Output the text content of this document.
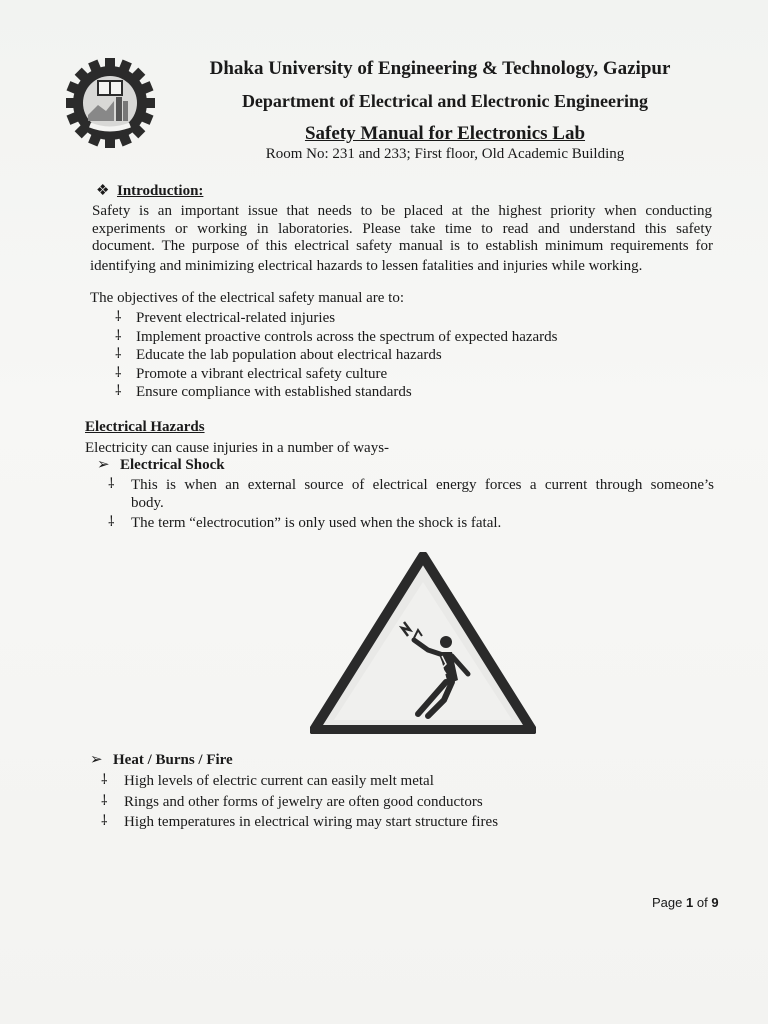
Dhaka University of Engineering & Technology, Gazipur
Department of Electrical and Electronic Engineering
Safety Manual for Electronics Lab
Room No: 231 and 233; First floor, Old Academic Building
❖ Introduction:
Safety is an important issue that needs to be placed at the highest priority when conducting
experiments or working in laboratories. Please take time to read and understand this safety
document. The purpose of this electrical safety manual is to establish minimum requirements for
identifying and minimizing electrical hazards to lessen fatalities and injuries while working.
The objectives of the electrical safety manual are to:
⸸ Prevent electrical-related injuries
⸸ Implement proactive controls across the spectrum of expected hazards
⸸ Educate the lab population about electrical hazards
⸸ Promote a vibrant electrical safety culture
⸸ Ensure compliance with established standards
Electrical Hazards
Electricity can cause injuries in a number of ways-
➢ Electrical Shock
⸸ This is when an external source of electrical energy forces a current through someone’s
body.
⸸ The term “electrocution” is only used when the shock is fatal.
➢ Heat / Burns / Fire
⸸ High levels of electric current can easily melt metal
⸸ Rings and other forms of jewelry are often good conductors
⸸ High temperatures in electrical wiring may start structure fires
Page 1 of 9
